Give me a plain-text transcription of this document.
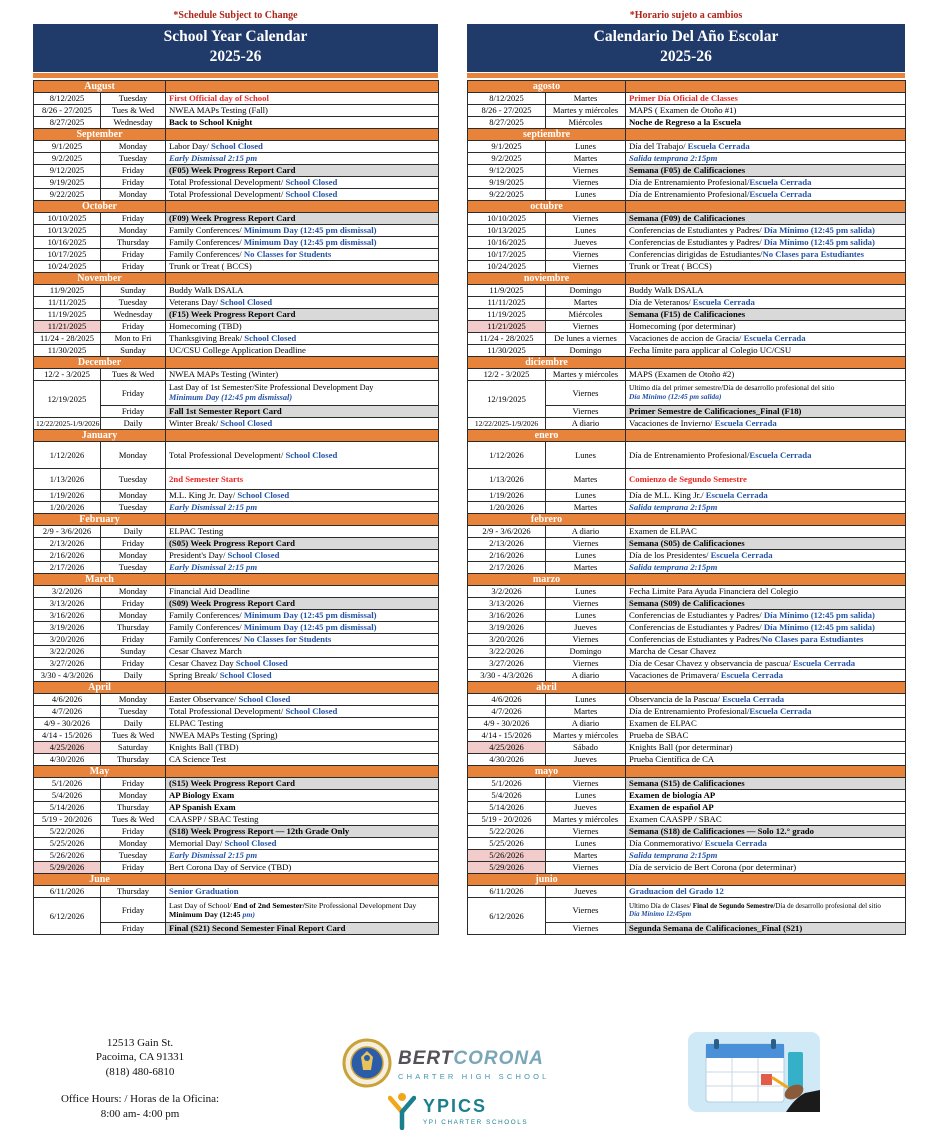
*Schedule Subject to Change
School Year Calendar
2025-26
August		
8/12/2025	Tuesday	First Official day of School
8/26 - 27/2025	Tues & Wed	NWEA MAPs Testing (Fall)
8/27/2025	Wednesday	Back to School Knight
September		
9/1/2025	Monday	Labor Day/ School Closed
9/2/2025	Tuesday	Early Dismissal 2:15 pm
9/12/2025	Friday	(F05) Week Progress Report Card
9/19/2025	Friday	Total Professional Development/ School Closed
9/22/2025	Monday	Total Professional Development/ School Closed
October		
10/10/2025	Friday	(F09) Week Progress Report Card
10/13/2025	Monday	Family Conferences/ Minimum Day (12:45 pm dismissal)
10/16/2025	Thursday	Family Conferences/ Minimum Day (12:45 pm dismissal)
10/17/2025	Friday	Family Conferences/ No Classes for Students
10/24/2025	Friday	Trunk or Treat ( BCCS)
November		
11/9/2025	Sunday	Buddy Walk DSALA
11/11/2025	Tuesday	Veterans Day/ School Closed
11/19/2025	Wednesday	(F15) Week Progress Report Card
11/21/2025	Friday	Homecoming (TBD)
11/24 - 28/2025	Mon to Fri	Thanksgiving Break/ School Closed
11/30/2025	Sunday	UC/CSU College Application Deadline
December		
12/2 - 3/2025	Tues & Wed	NWEA MAPs Testing (Winter)
12/19/2025	Friday	Last Day of 1st Semester/Site Professional Development Day
Minimum Day (12:45 pm dismissal)
	Friday	Fall 1st Semester Report Card
12/22/2025-1/9/2026	Daily	Winter Break/ School Closed
January		
1/12/2026	Monday	Total Professional Development/ School Closed
1/13/2026	Tuesday	2nd Semester Starts
1/19/2026	Monday	M.L. King Jr. Day/ School Closed
1/20/2026	Tuesday	Early Dismissal 2:15 pm
February		
2/9 - 3/6/2026	Daily	ELPAC Testing
2/13/2026	Friday	(S05) Week Progress Report Card
2/16/2026	Monday	President's Day/ School Closed
2/17/2026	Tuesday	Early Dismissal 2:15 pm
March		
3/2/2026	Monday	Financial Aid Deadline
3/13/2026	Friday	(S09) Week Progress Report Card
3/16/2026	Monday	Family Conferences/ Minimum Day (12:45 pm dismissal)
3/19/2026	Thursday	Family Conferences/ Minimum Day (12:45 pm dismissal)
3/20/2026	Friday	Family Conferences/ No Classes for Students
3/22/2026	Sunday	Cesar Chavez March
3/27/2026	Friday	Cesar Chavez Day School Closed
3/30 - 4/3/2026	Daily	Spring Break/ School Closed
April		
4/6/2026	Monday	Easter Observance/ School Closed
4/7/2026	Tuesday	Total Professional Development/ School Closed
4/9 - 30/2026	Daily	ELPAC Testing
4/14 - 15/2026	Tues & Wed	NWEA MAPs Testing (Spring)
4/25/2026	Saturday	Knights Ball (TBD)
4/30/2026	Thursday	CA Science Test
May		
5/1/2026	Friday	(S15) Week Progress Report Card
5/4/2026	Monday	AP Biology Exam
5/14/2026	Thursday	AP Spanish Exam
5/19 - 20/2026	Tues & Wed	CAASPP / SBAC Testing
5/22/2026	Friday	(S18) Week Progress Report — 12th Grade Only
5/25/2026	Monday	Memorial Day/ School Closed
5/26/2026	Tuesday	Early Dismissal 2:15 pm
5/29/2026	Friday	Bert Corona Day of Service (TBD)
June		
6/11/2026	Thursday	Senior Graduation
6/12/2026	Friday	Last Day of School/ End of 2nd Semester/Site Professional Development Day
Minimum Day (12:45 pm)
	Friday	Final (S21) Second Semester Final Report Card
*Horario sujeto a cambios
Calendario Del Año Escolar
2025-26
agosto		
8/12/2025	Martes	Primer Día Oficial de Classes
8/26 - 27/2025	Martes y miércoles	MAPS ( Examen de Otoño #1)
8/27/2025	Miércoles	Noche de Regreso a la Escuela
septiembre		
9/1/2025	Lunes	Día del Trabajo/ Escuela Cerrada
9/2/2025	Martes	Salida temprana 2:15pm
9/12/2025	Viernes	Semana (F05) de Calificaciones
9/19/2025	Viernes	Día de Entrenamiento Profesional/Escuela Cerrada
9/22/2025	Lunes	Día de Entrenamiento Profesional/Escuela Cerrada
octubre		
10/10/2025	Viernes	Semana (F09) de Calificaciones
10/13/2025	Lunes	Conferencias de Estudiantes y Padres/ Día Mínimo (12:45 pm salida)
10/16/2025	Jueves	Conferencias de Estudiantes y Padres/ Día Mínimo (12:45 pm salida)
10/17/2025	Viernes	Conferencias dirigidas de Estudiantes/No Clases para Estudiantes
10/24/2025	Viernes	Trunk or Treat ( BCCS)
noviembre		
11/9/2025	Domingo	Buddy Walk DSALA
11/11/2025	Martes	Día de Veteranos/ Escuela Cerrada
11/19/2025	Miércoles	Semana (F15) de Calificaciones
11/21/2025	Viernes	Homecoming (por determinar)
11/24 - 28/2025	De lunes a viernes	Vacaciones de accion de Gracia/ Escuela Cerrada
11/30/2025	Domingo	Fecha límite para applicar al Colegio UC/CSU
diciembre		
12/2 - 3/2025	Martes y miércoles	MAPS (Examen de Otoño #2)
12/19/2025	Viernes	Ultimo día del primer semestre/Día de desarrollo profesional del sitio
Día Mínimo (12:45 pm salida)
	Viernes	Primer Semestre de Calificaciones_Final (F18)
12/22/2025-1/9/2026	A diario	Vacaciones de Invierno/ Escuela Cerrada
enero		
1/12/2026	Lunes	Día de Entrenamiento Profesional/Escuela Cerrada
1/13/2026	Martes	Comienzo de Segundo Semestre
1/19/2026	Lunes	Día de M.L. King Jr./ Escuela Cerrada
1/20/2026	Martes	Salida temprana 2:15pm
febrero		
2/9 - 3/6/2026	A diario	Examen de ELPAC
2/13/2026	Viernes	Semana (S05) de Calificaciones
2/16/2026	Lunes	Día de los Presidentes/ Escuela Cerrada
2/17/2026	Martes	Salida temprana 2:15pm
marzo		
3/2/2026	Lunes	Fecha Limite Para Ayuda Financiera del Colegio
3/13/2026	Viernes	Semana (S09) de Calificaciones
3/16/2026	Lunes	Conferencias de Estudiantes y Padres/ Día Mínimo (12:45 pm salida)
3/19/2026	Jueves	Conferencias de Estudiantes y Padres/ Día Mínimo (12:45 pm salida)
3/20/2026	Viernes	Conferencias de Estudiantes y Padres/No Clases para Estudiantes
3/22/2026	Domingo	Marcha de Cesar Chavez
3/27/2026	Viernes	Día de Cesar Chavez y observancia de pascua/ Escuela Cerrada
3/30 - 4/3/2026	A diario	Vacaciones de Primavera/ Escuela Cerrada
abril		
4/6/2026	Lunes	Observancia de la Pascua/ Escuela Cerrada
4/7/2026	Martes	Día de Entrenamiento Profesional/Escuela Cerrada
4/9 - 30/2026	A diario	Examen de ELPAC
4/14 - 15/2026	Martes y miércoles	Prueba de SBAC
4/25/2026	Sábado	Knights Ball (por determinar)
4/30/2026	Jueves	Prueba Científica de CA
mayo		
5/1/2026	Viernes	Semana (S15) de Calificaciones
5/4/2026	Lunes	Examen de biología AP
5/14/2026	Jueves	Examen de español AP
5/19 - 20/2026	Martes y miércoles	Examen CAASPP / SBAC
5/22/2026	Viernes	Semana (S18) de Calificaciones — Solo 12.° grado
5/25/2026	Lunes	Día Conmemorativo/ Escuela Cerrada
5/26/2026	Martes	Salida temprana 2:15pm
5/29/2026	Viernes	Día de servicio de Bert Corona (por determinar)
junio		
6/11/2026	Jueves	Graduacion del Grado 12
6/12/2026	Viernes	Ultimo Día de Clases/ Final de Segundo Semestre/Día de desarrollo profesional del sitio
Día Mínimo 12:45pm
	Viernes	Segunda Semana de Calificaciones_Final (S21)
12513 Gain St.
Pacoima, CA 91331
(818) 480-6810
Office Hours: / Horas de la Oficina:
8:00 am- 4:00 pm
BERTCORONA
CHARTER HIGH SCHOOL
YPICS
YPI CHARTER SCHOOLS
